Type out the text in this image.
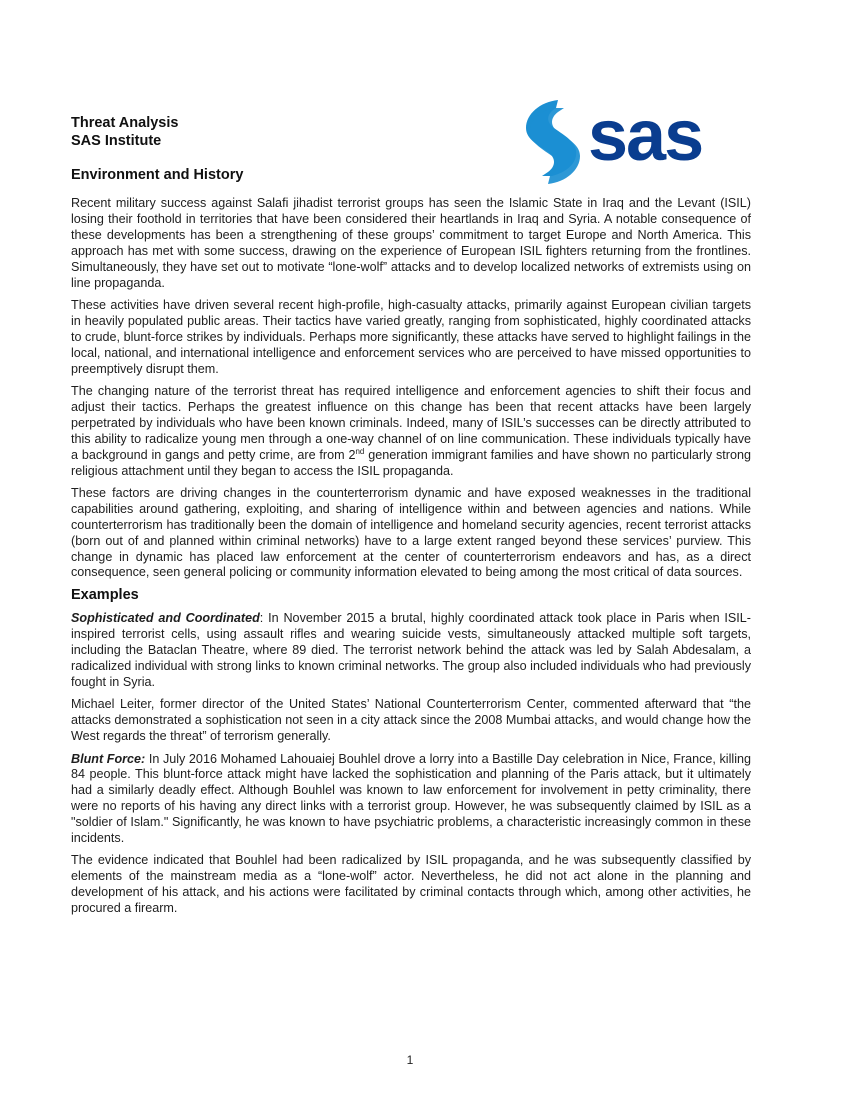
Threat Analysis

SAS Institute

Environment and History	sas

Recent military success against Salafi jihadist terrorist groups has seen the Islamic State in Iraq and the Levant (ISIL) losing their foothold in territories that have been considered their heartlands in Iraq and Syria. A notable consequence of these developments has been a strengthening of these groups’ commitment to target Europe and North America. This approach has met with some success, drawing on the experience of European ISIL fighters returning from the frontlines. Simultaneously, they have set out to motivate “lone-wolf” attacks and to develop localized networks of extremists using on line propaganda.

These activities have driven several recent high-profile, high-casualty attacks, primarily against European civilian targets in heavily populated public areas. Their tactics have varied greatly, ranging from sophisticated, highly coordinated attacks to crude, blunt-force strikes by individuals. Perhaps more significantly, these attacks have served to highlight failings in the local, national, and international intelligence and enforcement services who are perceived to have missed opportunities to preemptively disrupt them.

The changing nature of the terrorist threat has required intelligence and enforcement agencies to shift their focus and adjust their tactics. Perhaps the greatest influence on this change has been that recent attacks have been largely perpetrated by individuals who have been known criminals. Indeed, many of ISIL’s successes can be directly attributed to this ability to radicalize young men through a one-way channel of on line communication. These individuals typically have a background in gangs and petty crime, are from 2nd generation immigrant families and have shown no particularly strong religious attachment until they began to access the ISIL propaganda.

These factors are driving changes in the counterterrorism dynamic and have exposed weaknesses in the traditional capabilities around gathering, exploiting, and sharing of intelligence within and between agencies and nations. While counterterrorism has traditionally been the domain of intelligence and homeland security agencies, recent terrorist attacks (born out of and planned within criminal networks) have to a large extent ranged beyond these services’ purview. This change in dynamic has placed law enforcement at the center of counterterrorism endeavors and has, as a direct consequence, seen general policing or community information elevated to being among the most critical of data sources.

Examples

Sophisticated and Coordinated: In November 2015 a brutal, highly coordinated attack took place in Paris when ISIL-inspired terrorist cells, using assault rifles and wearing suicide vests, simultaneously attacked multiple soft targets, including the Bataclan Theatre, where 89 died. The terrorist network behind the attack was led by Salah Abdesalam, a radicalized individual with strong links to known criminal networks. The group also included individuals who had previously fought in Syria.

Michael Leiter, former director of the United States’ National Counterterrorism Center, commented afterward that “the attacks demonstrated a sophistication not seen in a city attack since the 2008 Mumbai attacks, and would change how the West regards the threat” of terrorism generally.

Blunt Force: In July 2016 Mohamed Lahouaiej Bouhlel drove a lorry into a Bastille Day celebration in Nice, France, killing 84 people. This blunt-force attack might have lacked the sophistication and planning of the Paris attack, but it ultimately had a similarly deadly effect. Although Bouhlel was known to law enforcement for involvement in petty criminality, there were no reports of his having any direct links with a terrorist group. However, he was subsequently claimed by ISIL as a "soldier of Islam." Significantly, he was known to have psychiatric problems, a characteristic increasingly common in these incidents.

The evidence indicated that Bouhlel had been radicalized by ISIL propaganda, and he was subsequently classified by elements of the mainstream media as a “lone-wolf” actor. Nevertheless, he did not act alone in the planning and development of his attack, and his actions were facilitated by criminal contacts through which, among other activities, he procured a firearm.

1
